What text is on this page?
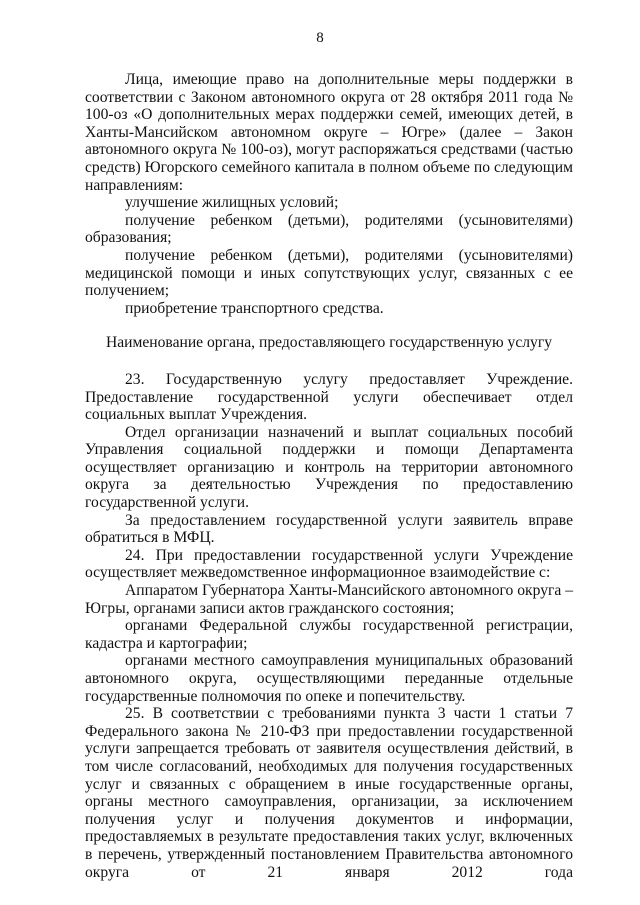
8

Лица, имеющие право на дополнительные меры поддержки в соответствии с Законом автономного округа от 28 октября 2011 года № 100-оз «О дополнительных мерах поддержки семей, имеющих детей, в Ханты-Мансийском автономном округе – Югре» (далее – Закон автономного округа № 100-оз), могут распоряжаться средствами (частью средств) Югорского семейного капитала в полном объеме по следующим направлениям:

улучшение жилищных условий;

получение ребенком (детьми), родителями (усыновителями) образования;

получение ребенком (детьми), родителями (усыновителями) медицинской помощи и иных сопутствующих услуг, связанных с ее получением;

приобретение транспортного средства.

Наименование органа, предоставляющего государственную услугу

23. Государственную услугу предоставляет Учреждение. Предоставление государственной услуги обеспечивает отдел социальных выплат Учреждения.

Отдел организации назначений и выплат социальных пособий Управления социальной поддержки и помощи Департамента осуществляет организацию и контроль на территории автономного округа за деятельностью Учреждения по предоставлению государственной услуги.

За предоставлением государственной услуги заявитель вправе обратиться в МФЦ.

24. При предоставлении государственной услуги Учреждение осуществляет межведомственное информационное взаимодействие с:

Аппаратом Губернатора Ханты-Мансийского автономного округа – Югры, органами записи актов гражданского состояния;

органами Федеральной службы государственной регистрации, кадастра и картографии;

органами местного самоуправления муниципальных образований автономного округа, осуществляющими переданные отдельные государственные полномочия по опеке и попечительству.

25. В соответствии с требованиями пункта 3 части 1 статьи 7 Федерального закона № 210-ФЗ при предоставлении государственной услуги запрещается требовать от заявителя осуществления действий, в том числе согласований, необходимых для получения государственных услуг и связанных с обращением в иные государственные органы, органы местного самоуправления, организации, за исключением получения услуг и получения документов и информации, предоставляемых в результате предоставления таких услуг, включенных в перечень, утвержденный постановлением Правительства автономного округа от 21 января 2012 года
